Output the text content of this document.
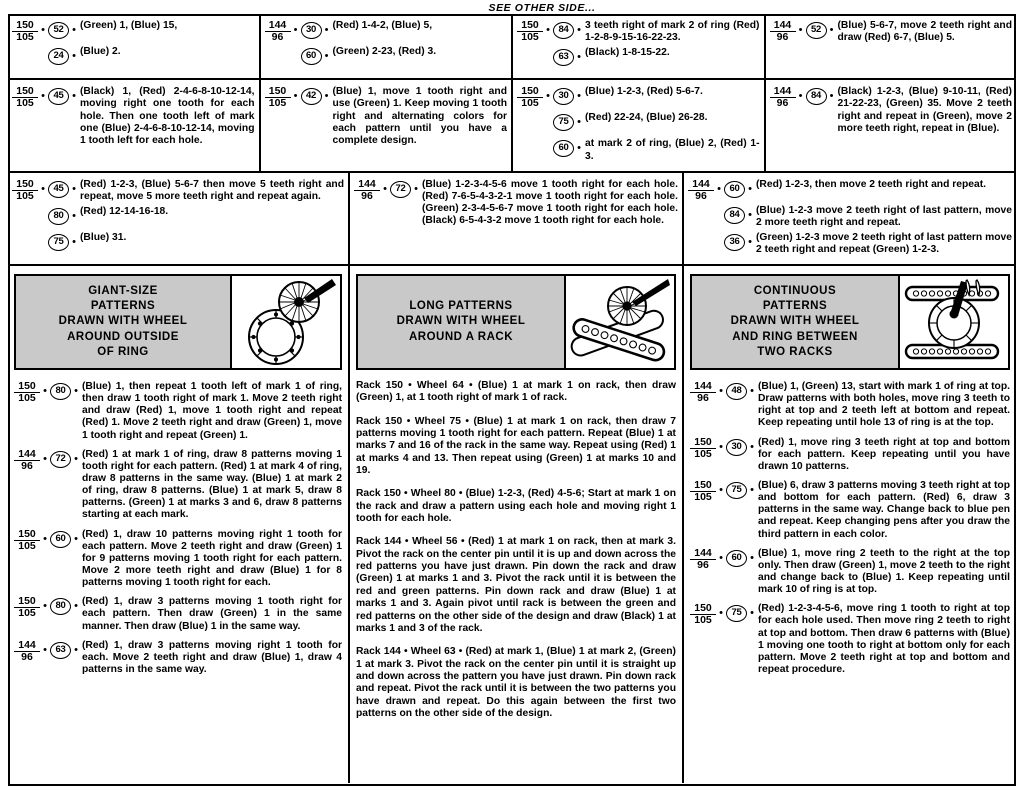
SEE OTHER SIDE...
$\frac{150}{105}$ • 52 • (Green) 1, (Blue) 15,
24 • (Blue) 2.
$\frac{144}{96}$ • 30 • (Red) 1-4-2, (Blue) 5,
60 • (Green) 2-23, (Red) 3.
$\frac{150}{105}$ • 84 • 3 teeth right of mark 2 of ring (Red) 1-2-8-9-15-16-22-23.
63 • (Black) 1-8-15-22.
$\frac{144}{96}$ • 52 • (Blue) 5-6-7, move 2 teeth right and draw (Red) 6-7, (Blue) 5.
$\frac{150}{105}$ • 45 • (Black) 1, (Red) 2-4-6-8-10-12-14, moving right one tooth for each hole. Then one tooth left of mark one (Blue) 2-4-6-8-10-12-14, moving 1 tooth left for each hole.
$\frac{150}{105}$ • 42 • (Blue) 1, move 1 tooth right and use (Green) 1. Keep moving 1 tooth right and alternating colors for each pattern until you have a complete design.
$\frac{150}{105}$ • 30 • (Blue) 1-2-3, (Red) 5-6-7.
75 • (Red) 22-24, (Blue) 26-28.
60 • at mark 2 of ring, (Blue) 2, (Red) 1-3.
$\frac{144}{96}$ • 84 • (Black) 1-2-3, (Blue) 9-10-11, (Red) 21-22-23, (Green) 35. Move 2 teeth right and repeat in (Green), move 2 more teeth right, repeat in (Blue).
$\frac{150}{105}$ • 45 • (Red) 1-2-3, (Blue) 5-6-7 then move 5 teeth right and repeat, move 5 more teeth right and repeat again.
80 • (Red) 12-14-16-18.
75 • (Blue) 31.
$\frac{144}{96}$ • 72 • (Blue) 1-2-3-4-5-6 move 1 tooth right for each hole. (Red) 7-6-5-4-3-2-1 move 1 tooth right for each hole. (Green) 2-3-4-5-6-7 move 1 tooth right for each hole. (Black) 6-5-4-3-2 move 1 tooth right for each hole.
$\frac{144}{96}$ • 60 • (Red) 1-2-3, then move 2 teeth right and repeat.
84 • (Blue) 1-2-3 move 2 teeth right of last pattern, move 2 more teeth right and repeat.
36 • (Green) 1-2-3 move 2 teeth right of last pattern move 2 teeth right and repeat (Green) 1-2-3.
GIANT-SIZE
PATTERNS
DRAWN WITH WHEEL
AROUND OUTSIDE
OF RING
LONG PATTERNS
DRAWN WITH WHEEL
AROUND A RACK
CONTINUOUS
PATTERNS
DRAWN WITH WHEEL
AND RING BETWEEN
TWO RACKS
$\frac{150}{105}$ • 80 • (Blue) 1, then repeat 1 tooth left of mark 1 of ring, then draw 1 tooth right of mark 1. Move 2 teeth right and draw (Red) 1, move 1 tooth right and repeat (Red) 1. Move 2 teeth right and draw (Green) 1, move 1 tooth right and repeat (Green) 1.
$\frac{144}{96}$ • 72 • (Red) 1 at mark 1 of ring, draw 8 patterns moving 1 tooth right for each pattern. (Red) 1 at mark 4 of ring, draw 8 patterns in the same way. (Blue) 1 at mark 2 of ring, draw 8 patterns. (Blue) 1 at mark 5, draw 8 patterns. (Green) 1 at marks 3 and 6, draw 8 patterns starting at each mark.
$\frac{150}{105}$ • 60 • (Red) 1, draw 10 patterns moving right 1 tooth for each pattern. Move 2 teeth right and draw (Green) 1 for 9 patterns moving 1 tooth right for each pattern. Move 2 more teeth right and draw (Blue) 1 for 8 patterns moving 1 tooth right for each.
$\frac{150}{105}$ • 80 • (Red) 1, draw 3 patterns moving 1 tooth right for each pattern. Then draw (Green) 1 in the same manner. Then draw (Blue) 1 in the same way.
$\frac{144}{96}$ • 63 • (Red) 1, draw 3 patterns moving right 1 tooth for each. Move 2 teeth right and draw (Blue) 1, draw 4 patterns in the same way.
Rack 150 • Wheel 64 • (Blue) 1 at mark 1 on rack, then draw (Green) 1, at 1 tooth right of mark 1 of rack.
Rack 150 • Wheel 75 • (Blue) 1 at mark 1 on rack, then draw 7 patterns moving 1 tooth right for each pattern. Repeat (Blue) 1 at marks 7 and 16 of the rack in the same way. Repeat using (Red) 1 at marks 4 and 13. Then repeat using (Green) 1 at marks 10 and 19.
Rack 150 • Wheel 80 • (Blue) 1-2-3, (Red) 4-5-6; Start at mark 1 on the rack and draw a pattern using each hole and moving right 1 tooth for each hole.
Rack 144 • Wheel 56 • (Red) 1 at mark 1 on rack, then at mark 3. Pivot the rack on the center pin until it is up and down across the red patterns you have just drawn. Pin down the rack and draw (Green) 1 at marks 1 and 3. Pivot the rack until it is between the red and green patterns. Pin down rack and draw (Blue) 1 at marks 1 and 3. Again pivot until rack is between the green and red patterns on the other side of the design and draw (Black) 1 at marks 1 and 3 of the rack.
Rack 144 • Wheel 63 • (Red) at mark 1, (Blue) 1 at mark 2, (Green) 1 at mark 3. Pivot the rack on the center pin until it is straight up and down across the pattern you have just drawn. Pin down rack and repeat. Pivot the rack until it is between the two patterns you have drawn and repeat. Do this again between the first two patterns on the other side of the design.
$\frac{144}{96}$ • 48 • (Blue) 1, (Green) 13, start with mark 1 of ring at top. Draw patterns with both holes, move ring 3 teeth to right at top and 2 teeth left at bottom and repeat. Keep repeating until hole 13 of ring is at the top.
$\frac{150}{105}$ • 30 • (Red) 1, move ring 3 teeth right at top and bottom for each pattern. Keep repeating until you have drawn 10 patterns.
$\frac{150}{105}$ • 75 • (Blue) 6, draw 3 patterns moving 3 teeth right at top and bottom for each pattern. (Red) 6, draw 3 patterns in the same way. Change back to blue pen and repeat. Keep changing pens after you draw the third pattern in each color.
$\frac{144}{96}$ • 60 • (Blue) 1, move ring 2 teeth to the right at the top only. Then draw (Green) 1, move 2 teeth to the right and change back to (Blue) 1. Keep repeating until mark 10 of ring is at top.
$\frac{150}{105}$ • 75 • (Red) 1-2-3-4-5-6, move ring 1 tooth to right at top for each hole used. Then move ring 2 teeth to right at top and bottom. Then draw 6 patterns with (Blue) 1 moving one tooth to right at bottom only for each pattern. Move 2 teeth right at top and bottom and repeat procedure.
